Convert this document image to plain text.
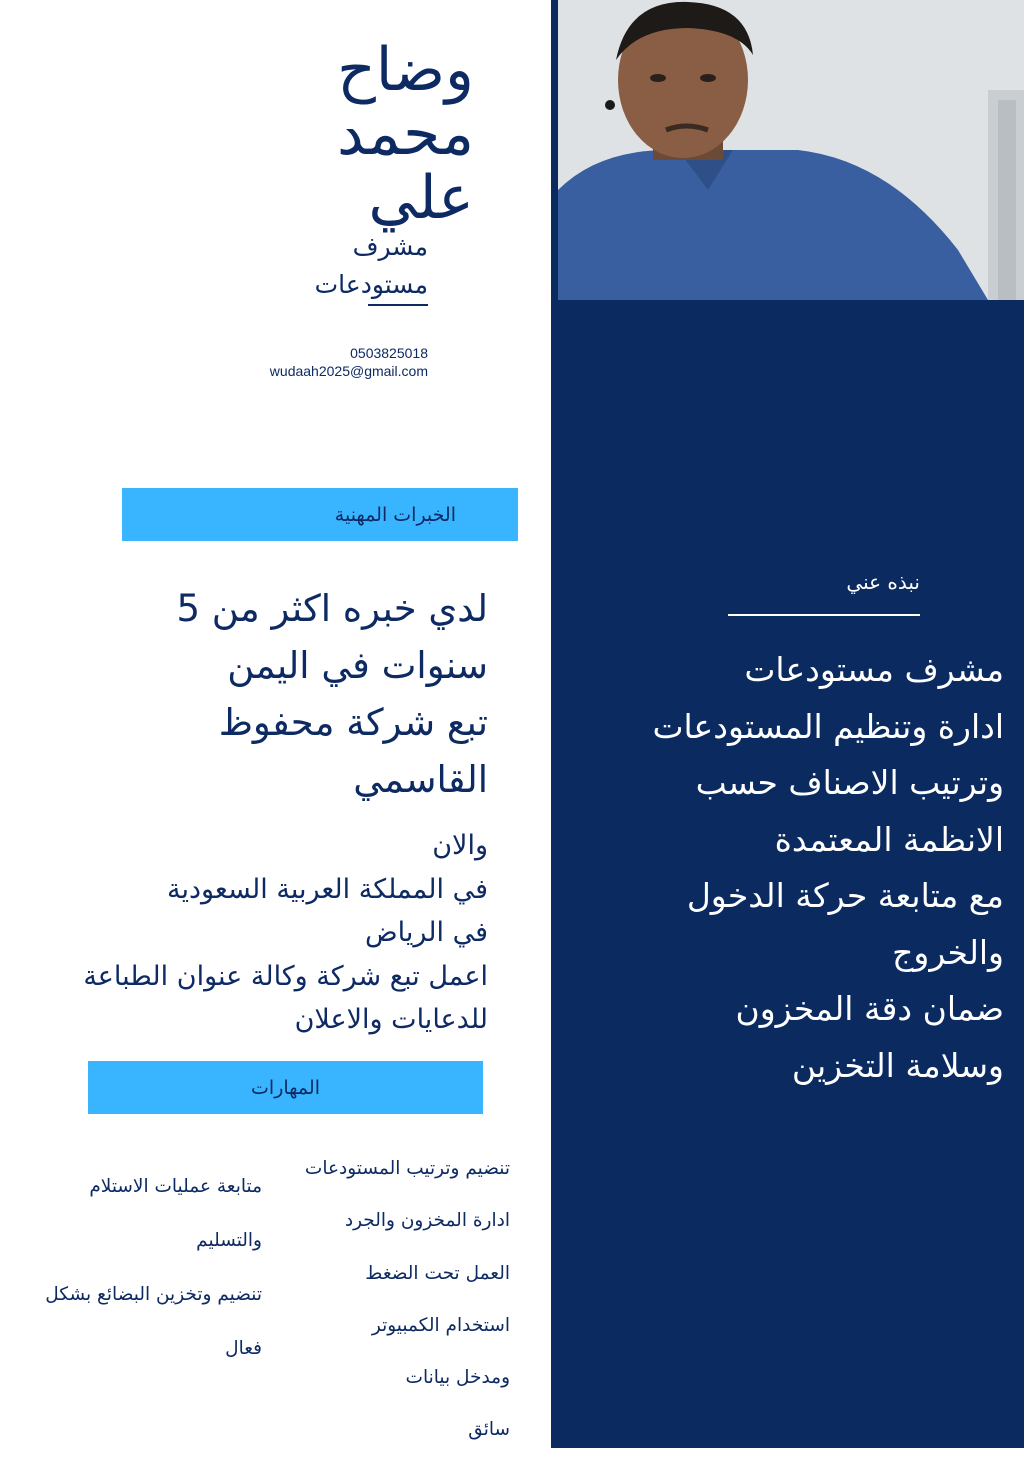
وضاح
محمد
علي
مشرف
مستودعات
0503825018
wudaah2025@gmail.com
الخبرات المهنية
لدي خبره اكثر من 5
سنوات في اليمن
تبع شركة محفوظ
القاسمي
والان
في المملكة العربية السعودية
في الرياض
اعمل تبع شركة وكالة عنوان الطباعة
للدعايات والاعلان
المهارات
تنضيم وترتيب المستودعات
ادارة المخزون والجرد
العمل تحت الضغط
استخدام الكمبيوتر
ومدخل بيانات
سائق
متابعة عمليات الاستلام
والتسليم
تنضيم وتخزين البضائع بشكل
فعال
نبذه عني
مشرف مستودعات
ادارة وتنظيم المستودعات
وترتيب الاصناف حسب
الانظمة المعتمدة
مع متابعة حركة الدخول
والخروج
ضمان دقة المخزون
وسلامة التخزين
